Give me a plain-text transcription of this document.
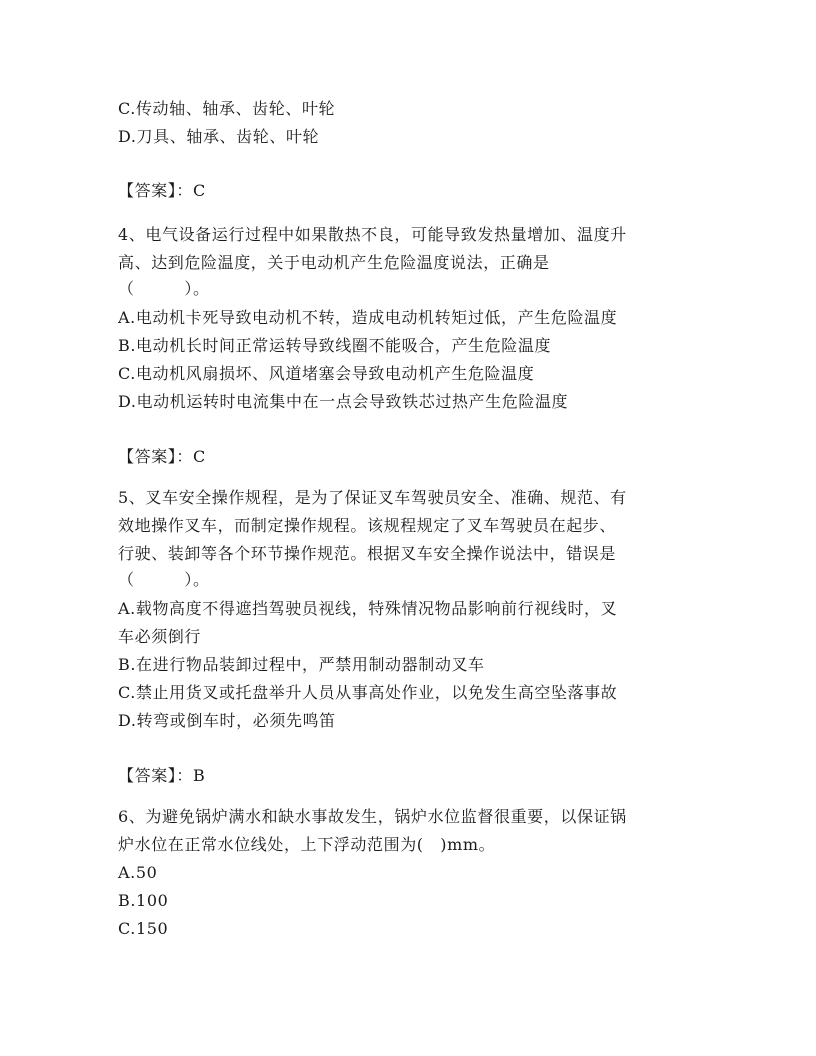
C.传动轴、轴承、齿轮、叶轮
D.刀具、轴承、齿轮、叶轮
【答案】：C
4、电气设备运行过程中如果散热不良，可能导致发热量增加、温度升
高、达到危险温度，关于电动机产生危险温度说法，正确是
（　　　）。
A.电动机卡死导致电动机不转，造成电动机转矩过低，产生危险温度
B.电动机长时间正常运转导致线圈不能吸合，产生危险温度
C.电动机风扇损坏、风道堵塞会导致电动机产生危险温度
D.电动机运转时电流集中在一点会导致铁芯过热产生危险温度
【答案】：C
5、叉车安全操作规程，是为了保证叉车驾驶员安全、准确、规范、有
效地操作叉车，而制定操作规程。该规程规定了叉车驾驶员在起步、
行驶、装卸等各个环节操作规范。根据叉车安全操作说法中，错误是
（　　　）。
A.载物高度不得遮挡驾驶员视线，特殊情况物品影响前行视线时，叉
车必须倒行
B.在进行物品装卸过程中，严禁用制动器制动叉车
C.禁止用货叉或托盘举升人员从事高处作业，以免发生高空坠落事故
D.转弯或倒车时，必须先鸣笛
【答案】：B
6、为避免锅炉满水和缺水事故发生，锅炉水位监督很重要，以保证锅
炉水位在正常水位线处，上下浮动范围为(　)mm。
A.50
B.100
C.150
